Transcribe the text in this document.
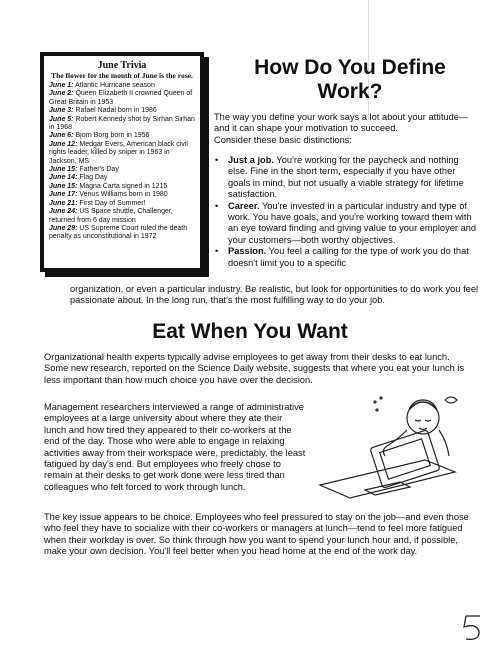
June Trivia

The flower for the month of June is the rose.

June 1: Atlantic Hurricane season
June 2: Queen Elizabeth II crowned Queen of Great Britain in 1953
June 3: Rafael Nadal born in 1986
June 5: Robert Kennedy shot by Sirhan Sirhan in 1968
June 6: Bjorn Borg born in 1956
June 12: Medgar Evers, American black civil rights leader, killed by sniper in 1963 in Jackson, MS
June 15: Father's Day
June 14: Flag Day
June 15: Magna Carta signed in 1215
June 17: Venus Williams born in 1980
June 21: First Day of Summer!
June 24: US Space shuttle, Challenger, returned from 6 day mission
June 29: US Supreme Court ruled the death penalty as unconstitutional in 1972
How Do You Define Work?

The way you define your work says a lot about your attitude—and it can shape your motivation to succeed.
Consider these basic distinctions:

• Just a job. You're working for the paycheck and nothing else. Fine in the short term, especially if you have other goals in mind, but not usually a viable strategy for lifetime satisfaction.
• Career. You're invested in a particular industry and type of work. You have goals, and you're working toward them with an eye toward finding and giving value to your employer and your customers—both worthy objectives.
• Passion. You feel a calling for the type of work you do that doesn't limit you to a specific

organization, or even a particular industry. Be realistic, but look for opportunities to do work you feel passionate about. In the long run, that's the most fulfilling way to do your job.

Eat When You Want

Organizational health experts typically advise employees to get away from their desks to eat lunch. Some new research, reported on the Science Daily website, suggests that where you eat your lunch is less important than how much choice you have over the decision.

Management researchers interviewed a range of administrative employees at a large university about where they ate their lunch and how tired they appeared to their co-workers at the end of the day. Those who were able to engage in relaxing activities away from their workspace were, predictably, the least fatigued by day's end. But employees who freely chose to remain at their desks to get work done were less tired than colleagues who felt forced to work through lunch.

The key issue appears to be choice. Employees who feel pressured to stay on the job—and even those who feel they have to socialize with their co-workers or managers at lunch—tend to feel more fatigued when their workday is over. So think through how you want to spend your lunch hour and, if possible, make your own decision. You'll feel better when you head home at the end of the work day.
